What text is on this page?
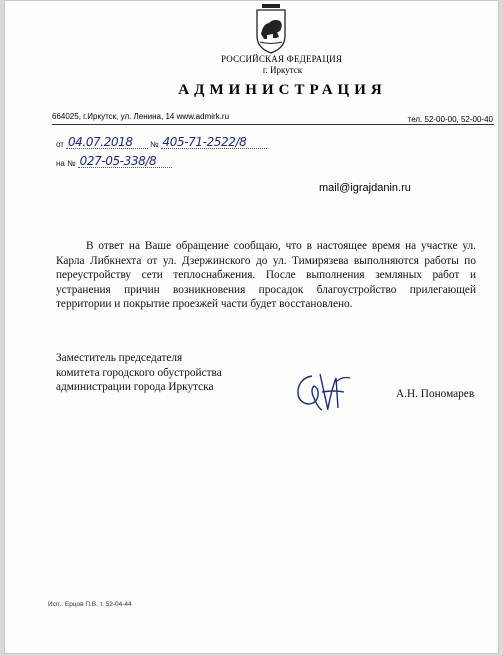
РОССИЙСКАЯ ФЕДЕРАЦИЯ
г. Иркутск
АДМИНИСТРАЦИЯ
664025, г.Иркутск, ул. Ленина, 14 www.admirk.ru	тел. 52-00-00, 52-00-40
от 04.07.2018	№ 405-71-2522/8
на № 027-05-338/8
mail@igrajdanin.ru
В ответ на Ваше обращение сообщаю, что в настоящее время на участке ул. Карла Либкнехта от ул. Дзержинского до ул. Тимирязева выполняются работы по переустройству сети теплоснабжения. После выполнения земляных работ и устранения причин возникновения просадок благоустройство прилегающей территории и покрытие проезжей части будет восстановлено.
Заместитель председателя
комитета городского обустройства
администрации города Иркутска
А.Н. Пономарев
Исп.: Ерцов П.В. т. 52-04-44
